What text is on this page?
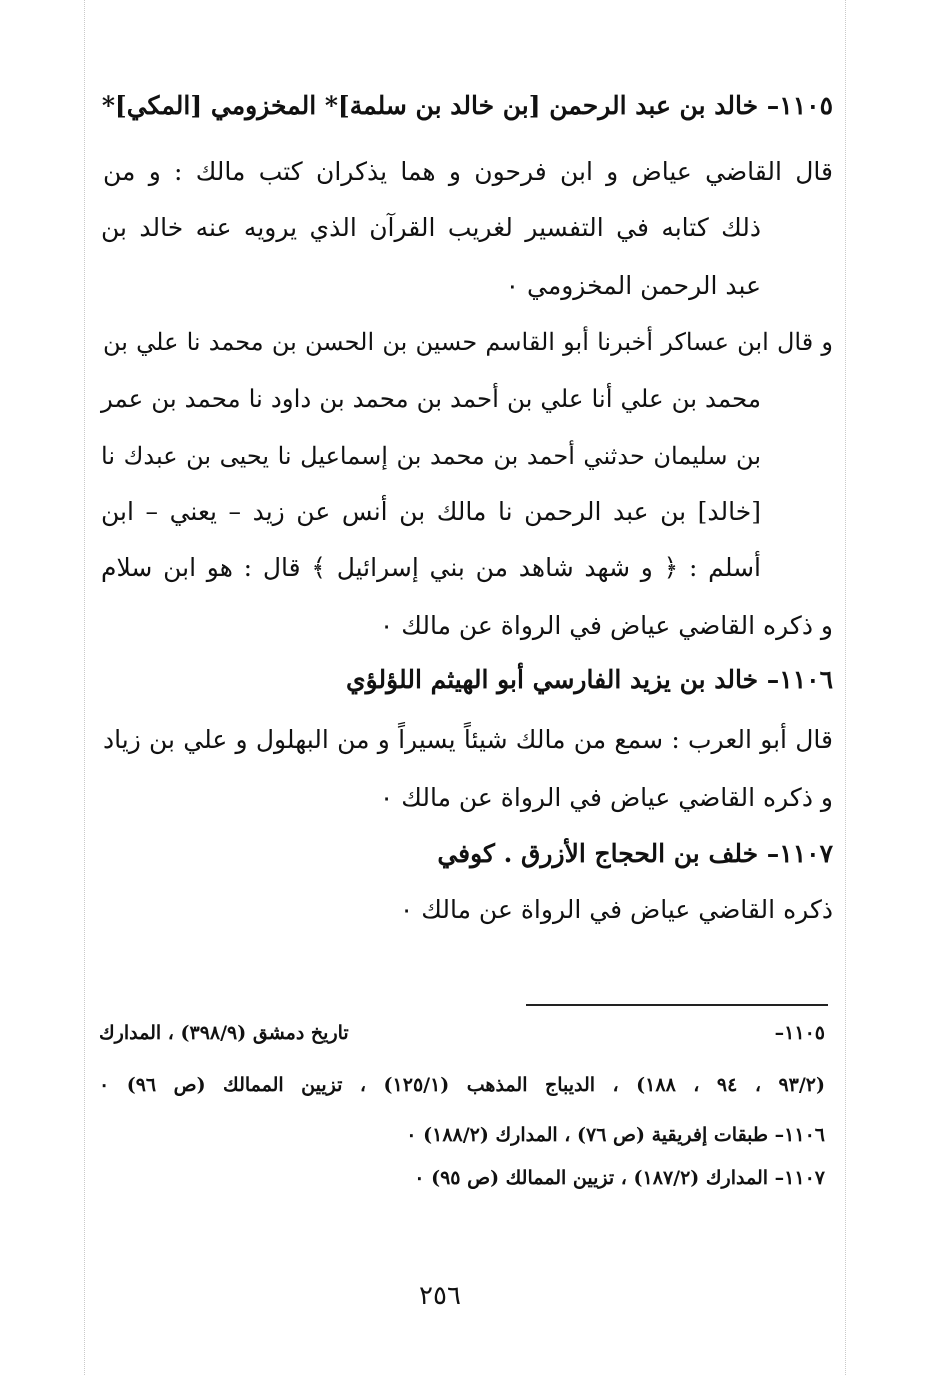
١١٠٥– خالد بن عبد الرحمن [بن خالد بن سلمة]* المخزومي [المكي]*
قال القاضي عياض و ابن فرحون و هما يذكران كتب مالك : و من
ذلك كتابه في التفسير لغريب القرآن الذي يرويه عنه خالد بن
عبد الرحمن المخزومي ٠
و قال ابن عساكر أخبرنا أبو القاسم حسين بن الحسن بن محمد نا علي بن
محمد بن علي أنا علي بن أحمد بن محمد بن داود نا محمد بن عمر
بن سليمان حدثني أحمد بن محمد بن إسماعيل نا يحيى بن عبدك نا
[خالد] بن عبد الرحمن نا مالك بن أنس عن زيد – يعني – ابن
أسلم : ﴿ و شهد شاهد من بني إسرائيل ﴾ قال : هو ابن سلام
و ذكره القاضي عياض في الرواة عن مالك ٠
١١٠٦– خالد بن يزيد الفارسي أبو الهيثم اللؤلؤي
قال أبو العرب : سمع من مالك شيئاً يسيراً و من البهلول و علي بن زياد
و ذكره القاضي عياض في الرواة عن مالك ٠
١١٠٧– خلف بن الحجاج الأزرق . كوفي
ذكره القاضي عياض في الرواة عن مالك ٠
١١٠٥–
تاريخ دمشق (٣٩٨/٩) ، المدارك
(٩٣/٢ ، ٩٤ ، ١٨٨) ، الديباج المذهب (١٢٥/١) ، تزيين الممالك (ص ٩٦) ٠
١١٠٦– طبقات إفريقية (ص ٧٦) ، المدارك (١٨٨/٢) ٠
١١٠٧– المدارك (١٨٧/٢) ، تزيين الممالك (ص ٩٥) ٠
٢٥٦
